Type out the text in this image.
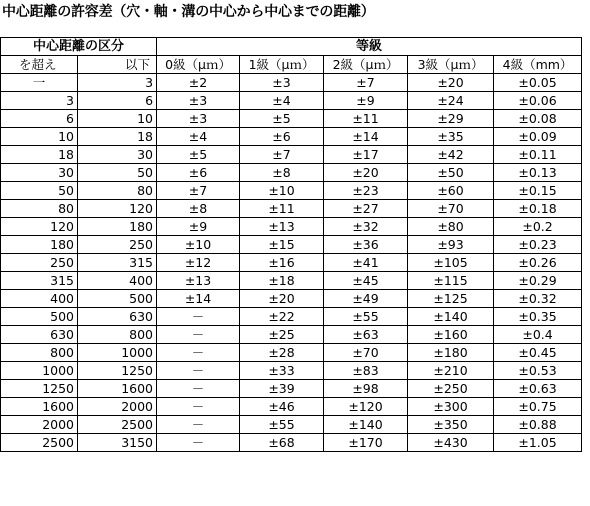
中心距離の許容差（穴・軸・溝の中心から中心までの距離）
中心距離の区分		等級				
を超え	以下	0級（μｍ）	1級（μｍ）	2級（μｍ）	3級（μｍ）	4級（mm）
一	3	±2	±3	±7	±20	±0.05
3	6	±3	±4	±9	±24	±0.06
6	10	±3	±5	±11	±29	±0.08
10	18	±4	±6	±14	±35	±0.09
18	30	±5	±7	±17	±42	±0.11
30	50	±6	±8	±20	±50	±0.13
50	80	±7	±10	±23	±60	±0.15
80	120	±8	±11	±27	±70	±0.18
120	180	±9	±13	±32	±80	±0.2
180	250	±10	±15	±36	±93	±0.23
250	315	±12	±16	±41	±105	±0.26
315	400	±13	±18	±45	±115	±0.29
400	500	±14	±20	±49	±125	±0.32
500	630	－	±22	±55	±140	±0.35
630	800	－	±25	±63	±160	±0.4
800	1000	－	±28	±70	±180	±0.45
1000	1250	－	±33	±83	±210	±0.53
1250	1600	－	±39	±98	±250	±0.63
1600	2000	－	±46	±120	±300	±0.75
2000	2500	－	±55	±140	±350	±0.88
2500	3150	－	±68	±170	±430	±1.05
